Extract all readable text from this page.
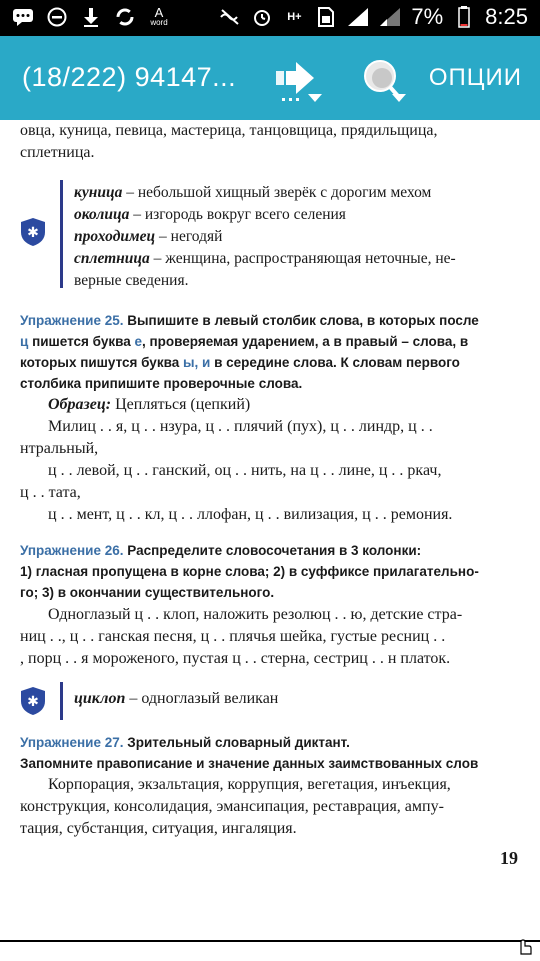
A
word	H+	7% 8:25
(18/222) 94147...	ОПЦИИ
овца, куница, певица, мастерица, танцовщица, прядильщица,
сплетница.
✱
куница – небольшой хищный зверёк с дорогим мехом
околица – изгородь вокруг всего селения
проходимец – негодяй
сплетница – женщина, распространяющая неточные, не-
верные сведения.
Упражнение 25. Выпишите в левый столбик слова, в которых после
ц пишется буква е, проверяемая ударением, а в правый – слова, в
которых пишутся буква ы, и в середине слова. К словам первого
столбика припишите проверочные слова.
Образец: Цепляться (цепкий)
Милиц . . я, ц . . нзура, ц . . плячий (пух), ц . . линдр, ц . .
нтральный,
ц . . левой, ц . . ганский, оц . . нить, на ц . . лине, ц . . ркач,
ц . . тата,
ц . . мент, ц . . кл, ц . . ллофан, ц . . вилизация, ц . . ремония.
Упражнение 26. Распределите словосочетания в 3 колонки:
1) гласная пропущена в корне слова; 2) в суффиксе прилагательно-
го; 3) в окончании существительного.
Одноглазый ц . . клоп, наложить резолюц . . ю, детские стра-
ниц . ., ц . . ганская песня, ц . . плячья шейка, густые ресниц . .
, порц . . я мороженого, пустая ц . . стерна, сестриц . . н платок.
✱ циклоп – одноглазый великан
Упражнение 27. Зрительный словарный диктант.
Запомните правописание и значение данных заимствованных слов
Корпорация, экзальтация, коррупция, вегетация, инъекция,
конструкция, консолидация, эмансипация, реставрация, ампу-
тация, субстанция, ситуация, ингаляция.
19
